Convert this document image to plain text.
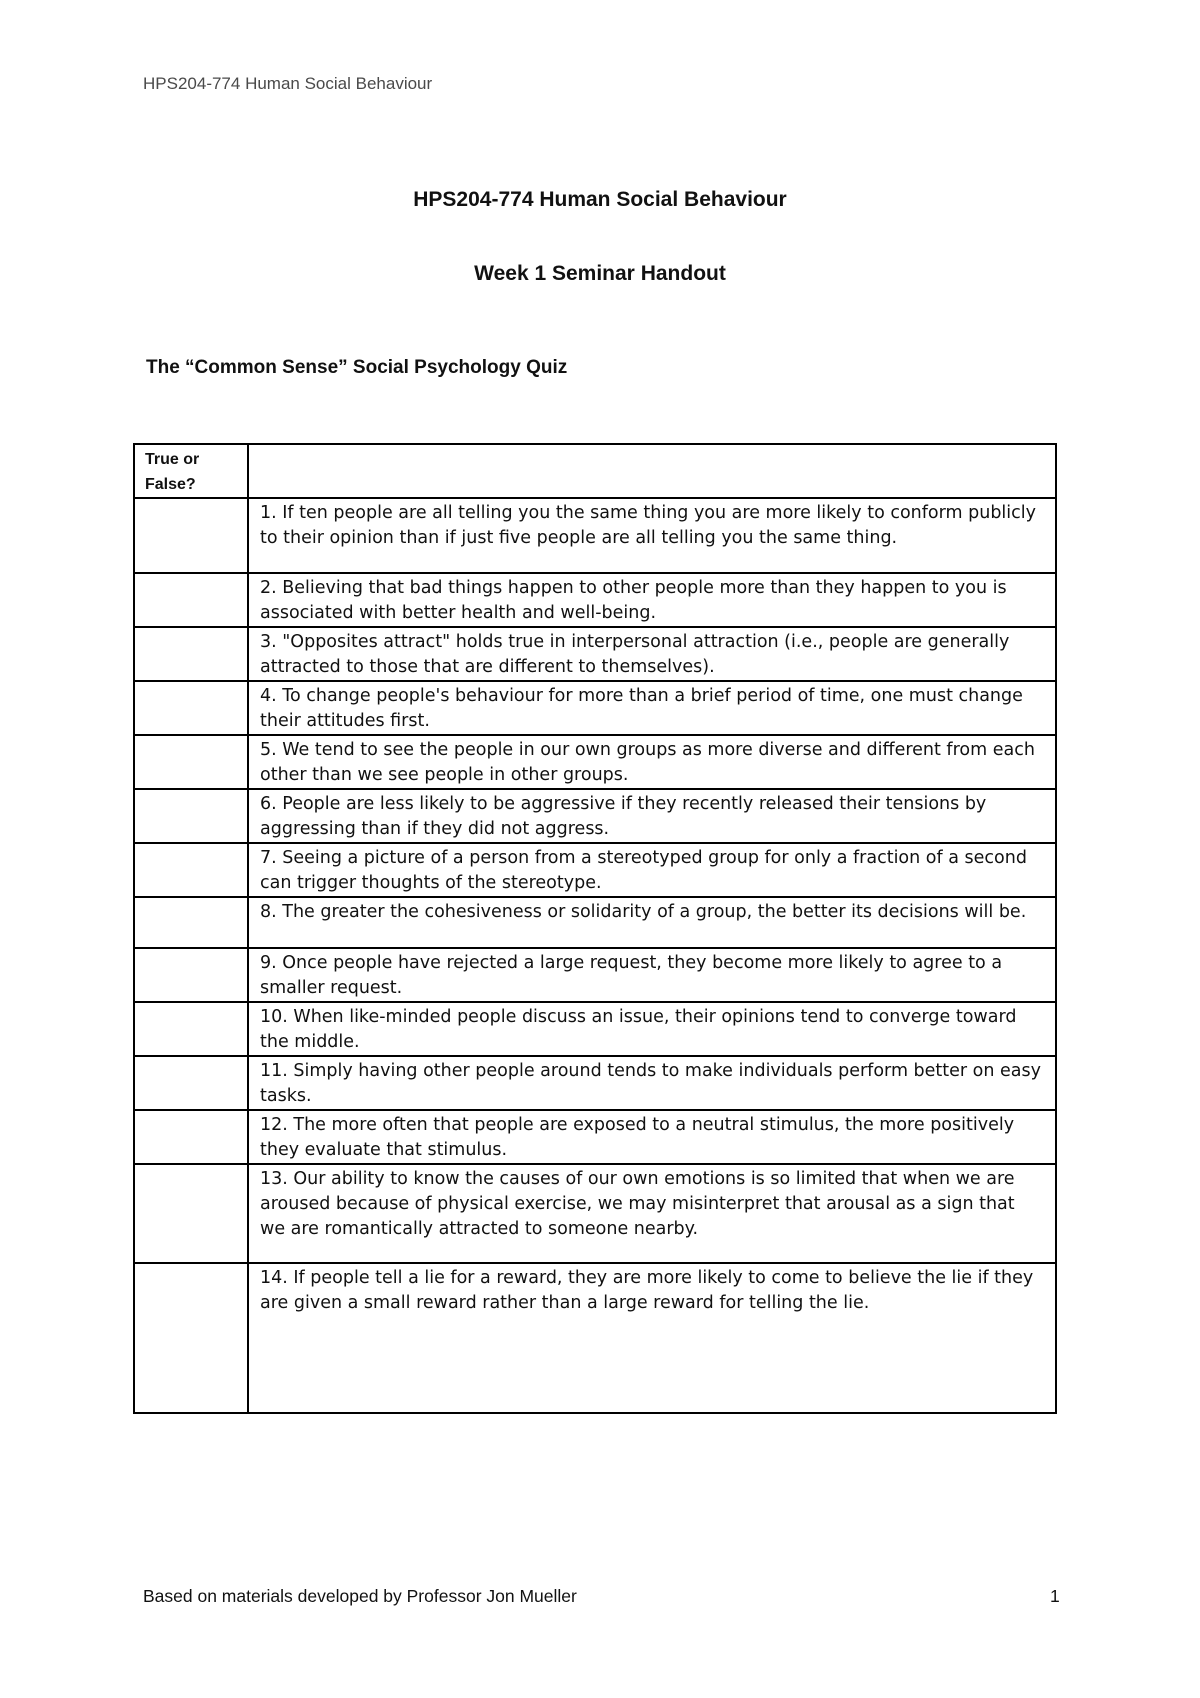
HPS204-774 Human Social Behaviour
HPS204-774 Human Social Behaviour
Week 1 Seminar Handout
The “Common Sense” Social Psychology Quiz
True or False?	
	1. If ten people are all telling you the same thing you are more likely to conform publicly to their opinion than if just five people are all telling you the same thing.
	2. Believing that bad things happen to other people more than they happen to you is associated with better health and well-being.
	3. "Opposites attract" holds true in interpersonal attraction (i.e., people are generally attracted to those that are different to themselves).
	4. To change people's behaviour for more than a brief period of time, one must change their attitudes first.
	5. We tend to see the people in our own groups as more diverse and different from each other than we see people in other groups.
	6. People are less likely to be aggressive if they recently released their tensions by aggressing than if they did not aggress.
	7. Seeing a picture of a person from a stereotyped group for only a fraction of a second can trigger thoughts of the stereotype.
	8. The greater the cohesiveness or solidarity of a group, the better its decisions will be.
	9. Once people have rejected a large request, they become more likely to agree to a smaller request.
	10. When like-minded people discuss an issue, their opinions tend to converge toward the middle.
	11. Simply having other people around tends to make individuals perform better on easy tasks.
	12. The more often that people are exposed to a neutral stimulus, the more positively they evaluate that stimulus.
	13. Our ability to know the causes of our own emotions is so limited that when we are aroused because of physical exercise, we may misinterpret that arousal as a sign that we are romantically attracted to someone nearby.
	14. If people tell a lie for a reward, they are more likely to come to believe the lie if they are given a small reward rather than a large reward for telling the lie.
Based on materials developed by Professor Jon Mueller	1
